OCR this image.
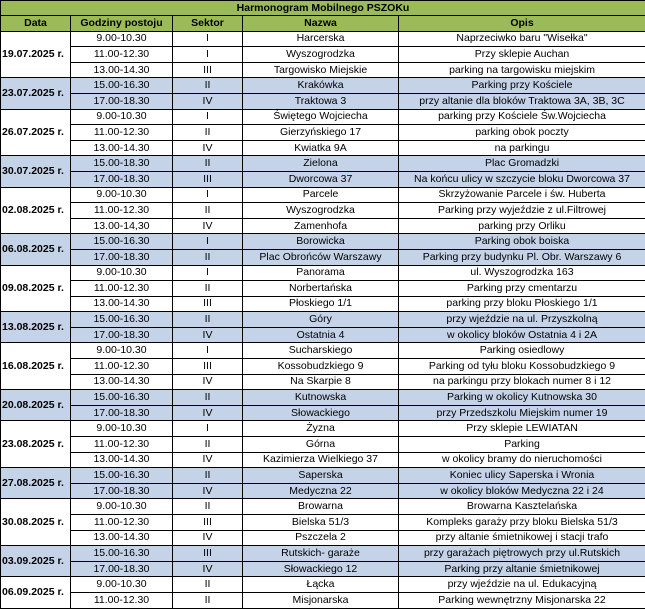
Harmonogram Mobilnego PSZOKu				
Data	Godziny postoju	Sektor	Nazwa	Opis
19.07.2025 r.	9.00-10.30	I	Harcerska	Naprzeciwko baru "Wisełka"
	11.00-12.30	I	Wyszogrodzka	Przy sklepie Auchan
	13.00-14.30	III	Targowisko Miejskie	parking na targowisku miejskim
23.07.2025 r.	15.00-16.30	II	Krakówka	Parking przy Kościele
	17.00-18.30	IV	Traktowa 3	przy altanie dla bloków Traktowa 3A, 3B, 3C
26.07.2025 r.	9.00-10.30	I	Świętego Wojciecha	parking przy Kościele Św.Wojciecha
	11.00-12.30	II	Gierzyńskiego 17	parking obok poczty
	13.00-14.30	IV	Kwiatka 9A	na parkingu
30.07.2025 r.	15.00-18.30	II	Zielona	Plac Gromadzki
	17.00-18.30	III	Dworcowa 37	Na końcu ulicy w szczycie bloku Dworcowa 37
02.08.2025 r.	9.00-10.30	I	Parcele	Skrzyżowanie Parcele i św. Huberta
	11.00-12.30	II	Wyszogrodzka	Parking przy wyjeździe z ul.Filtrowej
	13.00-14,30	IV	Zamenhofa	parking przy Orliku
06.08.2025 r.	15.00-16.30	I	Borowicka	Parking obok boiska
	17.00-18.30	II	Plac Obrońców Warszawy	Parking przy budynku Pl. Obr. Warszawy 6
09.08.2025 r.	9.00-10.30	I	Panorama	ul. Wyszogrodzka 163
	11.00-12.30	II	Norbertańska	Parking przy cmentarzu
	13.00-14.30	III	Płoskiego 1/1	parking przy bloku Płoskiego 1/1
13.08.2025 r.	15.00-16.30	II	Góry	przy wjeździe na ul. Przyszkolną
	17.00-18.30	IV	Ostatnia 4	w okolicy bloków Ostatnia 4 i 2A
16.08.2025 r.	9.00-10.30	I	Sucharskiego	Parking osiedlowy
	11.00-12.30	III	Kossobudzkiego 9	Parking od tyłu bloku Kossobudzkiego 9
	13.00-14.30	IV	Na Skarpie 8	na parkingu przy blokach numer 8 i 12
20.08.2025 r.	15.00-16.30	II	Kutnowska	Parking w okolicy Kutnowska 30
	17.00-18.30	IV	Słowackiego	przy Przedszkolu Miejskim numer 19
23.08.2025 r.	9.00-10.30	I	Żyzna	Przy sklepie LEWIATAN
	11.00-12.30	II	Górna	Parking
	13.00-14.30	IV	Kazimierza Wielkiego 37	w okolicy bramy do nieruchomości
27.08.2025 r.	15.00-16.30	II	Saperska	Koniec ulicy Saperska i Wronia
	17.00-18.30	IV	Medyczna 22	w okolicy bloków Medyczna 22 i 24
30.08.2025 r.	9.00-10.30	II	Browarna	Browarna Kasztelańska
	11.00-12.30	III	Bielska 51/3	Kompleks garaży przy bloku Bielska 51/3
	13.00-14.30	IV	Pszczela 2	przy altanie śmietnikowej i stacji trafo
03.09.2025 r.	15.00-16.30	III	Rutskich- garaże	przy garażach piętrowych przy ul.Rutskich
	17.00-18.30	IV	Słowackiego 12	Parking przy altanie śmietnikowej
06.09.2025 r.	9.00-10.30	II	Łącka	przy wjeździe na ul. Edukacyjną
	11.00-12.30	II	Misjonarska	Parking wewnętrzny Misjonarska 22
